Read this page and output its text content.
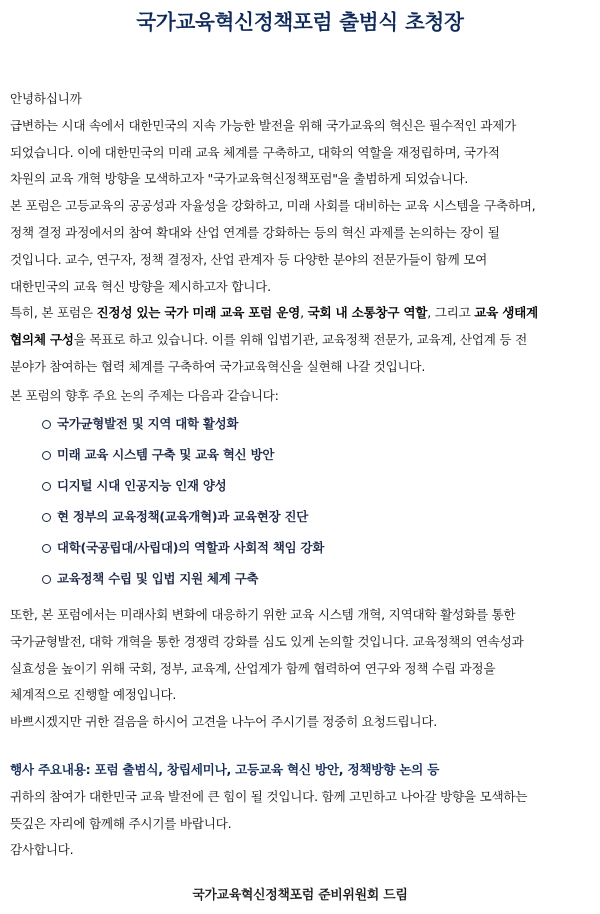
국가교육혁신정책포럼 출범식 초청장

안녕하십니까

급변하는 시대 속에서 대한민국의 지속 가능한 발전을 위해 국가교육의 혁신은 필수적인 과제가

되었습니다. 이에 대한민국의 미래 교육 체계를 구축하고, 대학의 역할을 재정립하며, 국가적

차원의 교육 개혁 방향을 모색하고자 "국가교육혁신정책포럼"을 출범하게 되었습니다.

본 포럼은 고등교육의 공공성과 자율성을 강화하고, 미래 사회를 대비하는 교육 시스템을 구축하며,

정책 결정 과정에서의 참여 확대와 산업 연계를 강화하는 등의 혁신 과제를 논의하는 장이 될

것입니다. 교수, 연구자, 정책 결정자, 산업 관계자 등 다양한 분야의 전문가들이 함께 모여

대한민국의 교육 혁신 방향을 제시하고자 합니다.

특히, 본 포럼은 진정성 있는 국가 미래 교육 포럼 운영, 국회 내 소통창구 역할, 그리고 교육 생태계

협의체 구성을 목표로 하고 있습니다. 이를 위해 입법기관, 교육정책 전문가, 교육계, 산업계 등 전

분야가 참여하는 협력 체계를 구축하여 국가교육혁신을 실현해 나갈 것입니다.

본 포럼의 향후 주요 논의 주제는 다음과 같습니다:

국가균형발전 및 지역 대학 활성화
미래 교육 시스템 구축 및 교육 혁신 방안
디지털 시대 인공지능 인재 양성
현 정부의 교육정책(교육개혁)과 교육현장 진단
대학(국공립대/사립대)의 역할과 사회적 책임 강화
교육정책 수립 및 입법 지원 체계 구축

또한, 본 포럼에서는 미래사회 변화에 대응하기 위한 교육 시스템 개혁, 지역대학 활성화를 통한

국가균형발전, 대학 개혁을 통한 경쟁력 강화를 심도 있게 논의할 것입니다. 교육정책의 연속성과

실효성을 높이기 위해 국회, 정부, 교육계, 산업계가 함께 협력하여 연구와 정책 수립 과정을

체계적으로 진행할 예정입니다.

바쁘시겠지만 귀한 걸음을 하시어 고견을 나누어 주시기를 정중히 요청드립니다.

행사 주요내용: 포럼 출범식, 창립세미나, 고등교육 혁신 방안, 정책방향 논의 등

귀하의 참여가 대한민국 교육 발전에 큰 힘이 될 것입니다. 함께 고민하고 나아갈 방향을 모색하는

뜻깊은 자리에 함께해 주시기를 바랍니다.

감사합니다.

국가교육혁신정책포럼 준비위원회 드림
